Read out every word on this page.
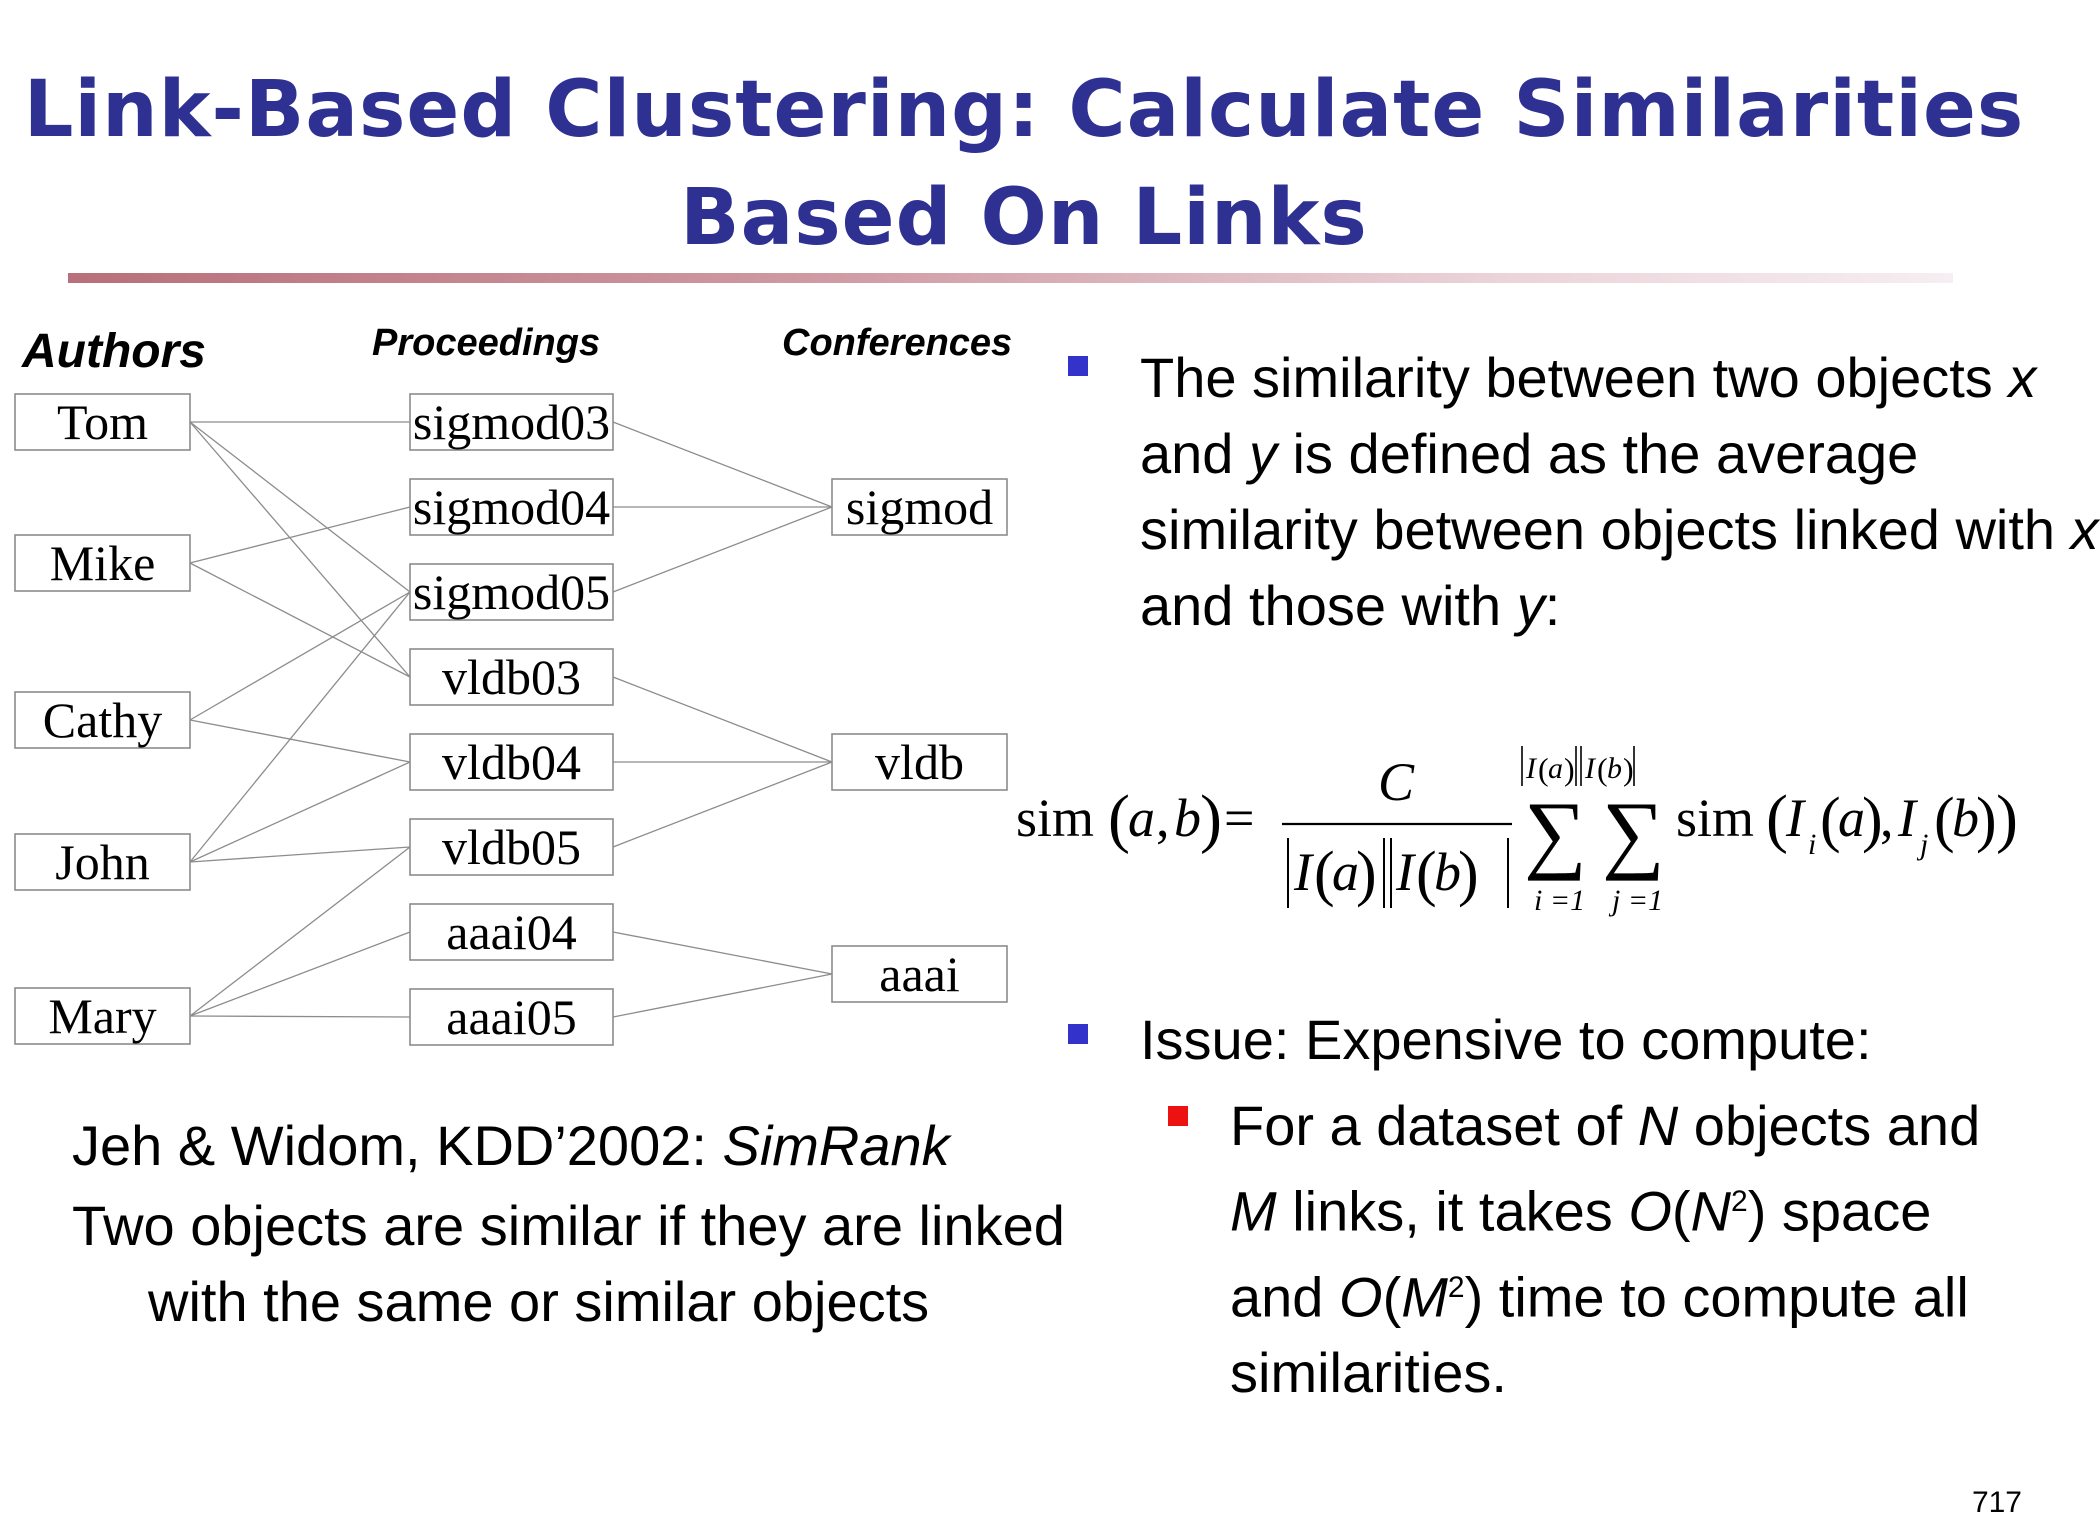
Link-Based Clustering: Calculate Similarities
Based On Links
Authors	Proceedings	Conferences
Tom
Mike
Cathy
John
Mary
sigmod03
sigmod04
sigmod05
vldb03
vldb04
vldb05
aaai04
aaai05
sigmod
vldb
aaai
The similarity between two objects x and y is defined as the average similarity between objects linked with x and those with y:
sim (
a , b ) =
C
I (
a
) I (
b
)
I ( a ) I ( b )
∑ ∑
i =1 j =1
sim (
I i (
a
)
, I j (
b
) )
Issue: Expensive to compute:
For a dataset of N objects and M links, it takes $O(N^2)$ space and $O(M^2)$ time to compute all similarities.
Jeh & Widom, KDD’2002: SimRank
Two objects are similar if they are linked with the same or similar objects
717
